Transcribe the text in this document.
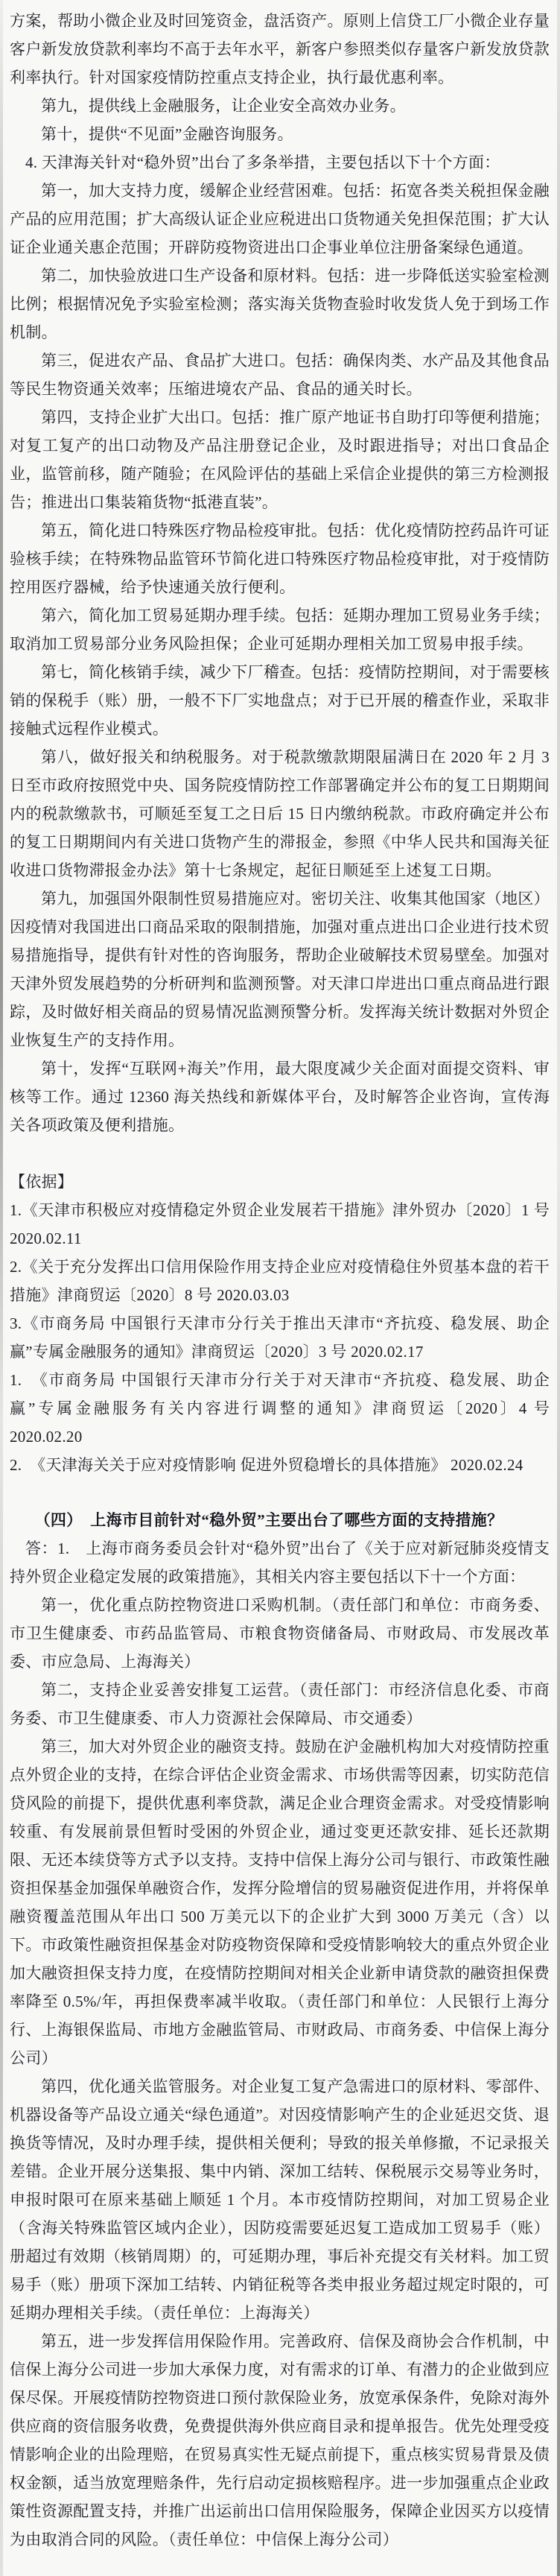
方案，帮助小微企业及时回笼资金，盘活资产。原则上信贷工厂小微企业存量客户新发放贷款利率均不高于去年水平，新客户参照类似存量客户新发放贷款利率执行。针对国家疫情防控重点支持企业，执行最优惠利率。

第九，提供线上金融服务，让企业安全高效办业务。

第十，提供“不见面”金融咨询服务。

4. 天津海关针对“稳外贸”出台了多条举措，主要包括以下十个方面：

第一，加大支持力度，缓解企业经营困难。包括：拓宽各类关税担保金融产品的应用范围；扩大高级认证企业应税进出口货物通关免担保范围；扩大认证企业通关惠企范围；开辟防疫物资进出口企事业单位注册备案绿色通道。

第二，加快验放进口生产设备和原材料。包括：进一步降低送实验室检测比例；根据情况免予实验室检测；落实海关货物查验时收发货人免于到场工作机制。

第三，促进农产品、食品扩大进口。包括：确保肉类、水产品及其他食品等民生物资通关效率；压缩进境农产品、食品的通关时长。

第四，支持企业扩大出口。包括：推广原产地证书自助打印等便利措施；对复工复产的出口动物及产品注册登记企业，及时跟进指导；对出口食品企业，监管前移，随产随验；在风险评估的基础上采信企业提供的第三方检测报告；推进出口集装箱货物“抵港直装”。

第五，简化进口特殊医疗物品检疫审批。包括：优化疫情防控药品许可证验核手续；在特殊物品监管环节简化进口特殊医疗物品检疫审批，对于疫情防控用医疗器械，给予快速通关放行便利。

第六，简化加工贸易延期办理手续。包括：延期办理加工贸易业务手续；取消加工贸易部分业务风险担保；企业可延期办理相关加工贸易申报手续。

第七，简化核销手续，减少下厂稽查。包括：疫情防控期间，对于需要核销的保税手（账）册，一般不下厂实地盘点；对于已开展的稽查作业，采取非接触式远程作业模式。

第八，做好报关和纳税服务。对于税款缴款期限届满日在 2020 年 2 月 3 日至市政府按照党中央、国务院疫情防控工作部署确定并公布的复工日期期间内的税款缴款书，可顺延至复工之日后 15 日内缴纳税款。市政府确定并公布的复工日期期间内有关进口货物产生的滞报金，参照《中华人民共和国海关征收进口货物滞报金办法》第十七条规定，起征日顺延至上述复工日期。

第九，加强国外限制性贸易措施应对。密切关注、收集其他国家（地区）因疫情对我国进出口商品采取的限制措施，加强对重点进出口企业进行技术贸易措施指导，提供有针对性的咨询服务，帮助企业破解技术贸易壁垒。加强对天津外贸发展趋势的分析研判和监测预警。对天津口岸进出口重点商品进行跟踪，及时做好相关商品的贸易情况监测预警分析。发挥海关统计数据对外贸企业恢复生产的支持作用。

第十，发挥“互联网+海关”作用，最大限度减少关企面对面提交资料、审核等工作。通过 12360 海关热线和新媒体平台，及时解答企业咨询，宣传海关各项政策及便利措施。

【依据】

1.《天津市积极应对疫情稳定外贸企业发展若干措施》津外贸办〔2020〕1 号 2020.02.11

2.《关于充分发挥出口信用保险作用支持企业应对疫情稳住外贸基本盘的若干措施》津商贸运〔2020〕8 号 2020.03.03

3.《市商务局 中国银行天津市分行关于推出天津市“齐抗疫、稳发展、助企赢”专属金融服务的通知》津商贸运〔2020〕3 号 2020.02.17

1.　《市商务局 中国银行天津市分行关于对天津市“齐抗疫、稳发展、助企赢”专属金融服务有关内容进行调整的通知》津商贸运〔2020〕4 号 2020.02.20

2.　《天津海关关于应对疫情影响 促进外贸稳增长的具体措施》 2020.02.24

（四）　上海市目前针对“稳外贸”主要出台了哪些方面的支持措施？

答：1.　上海市商务委员会针对“稳外贸”出台了《关于应对新冠肺炎疫情支持外贸企业稳定发展的政策措施》，其相关内容主要包括以下十一个方面：

第一，优化重点防控物资进口采购机制。（责任部门和单位：市商务委、市卫生健康委、市药品监管局、市粮食物资储备局、市财政局、市发展改革委、市应急局、上海海关）

第二，支持企业妥善安排复工运营。（责任部门：市经济信息化委、市商务委、市卫生健康委、市人力资源社会保障局、市交通委）

第三，加大对外贸企业的融资支持。鼓励在沪金融机构加大对疫情防控重点外贸企业的支持，在综合评估企业资金需求、市场供需等因素，切实防范信贷风险的前提下，提供优惠利率贷款，满足企业合理资金需求。对受疫情影响较重、有发展前景但暂时受困的外贸企业，通过变更还款安排、延长还款期限、无还本续贷等方式予以支持。支持中信保上海分公司与银行、市政策性融资担保基金加强保单融资合作，发挥分险增信的贸易融资促进作用，并将保单融资覆盖范围从年出口 500 万美元以下的企业扩大到 3000 万美元（含）以下。市政策性融资担保基金对防疫物资保障和受疫情影响较大的重点外贸企业加大融资担保支持力度，在疫情防控期间对相关企业新申请贷款的融资担保费率降至 0.5%/年，再担保费率减半收取。（责任部门和单位：人民银行上海分行、上海银保监局、市地方金融监管局、市财政局、市商务委、中信保上海分公司）

第四，优化通关监管服务。对企业复工复产急需进口的原材料、零部件、机器设备等产品设立通关“绿色通道”。对因疫情影响产生的企业延迟交货、退换货等情况，及时办理手续，提供相关便利；导致的报关单修撤，不记录报关差错。企业开展分送集报、集中内销、深加工结转、保税展示交易等业务时，申报时限可在原来基础上顺延 1 个月。本市疫情防控期间，对加工贸易企业（含海关特殊监管区域内企业），因防疫需要延迟复工造成加工贸易手（账）册超过有效期（核销周期）的，可延期办理，事后补充提交有关材料。加工贸易手（账）册项下深加工结转、内销征税等各类申报业务超过规定时限的，可延期办理相关手续。（责任单位：上海海关）

第五，进一步发挥信用保险作用。完善政府、信保及商协会合作机制，中信保上海分公司进一步加大承保力度，对有需求的订单、有潜力的企业做到应保尽保。开展疫情防控物资进口预付款保险业务，放宽承保条件，免除对海外供应商的资信服务收费，免费提供海外供应商目录和提单报告。优先处理受疫情影响企业的出险理赔，在贸易真实性无疑点前提下，重点核实贸易背景及债权金额，适当放宽理赔条件，先行启动定损核赔程序。进一步加强重点企业政策性资源配置支持，并推广出运前出口信用保险服务，保障企业因买方以疫情为由取消合同的风险。（责任单位：中信保上海分公司）
